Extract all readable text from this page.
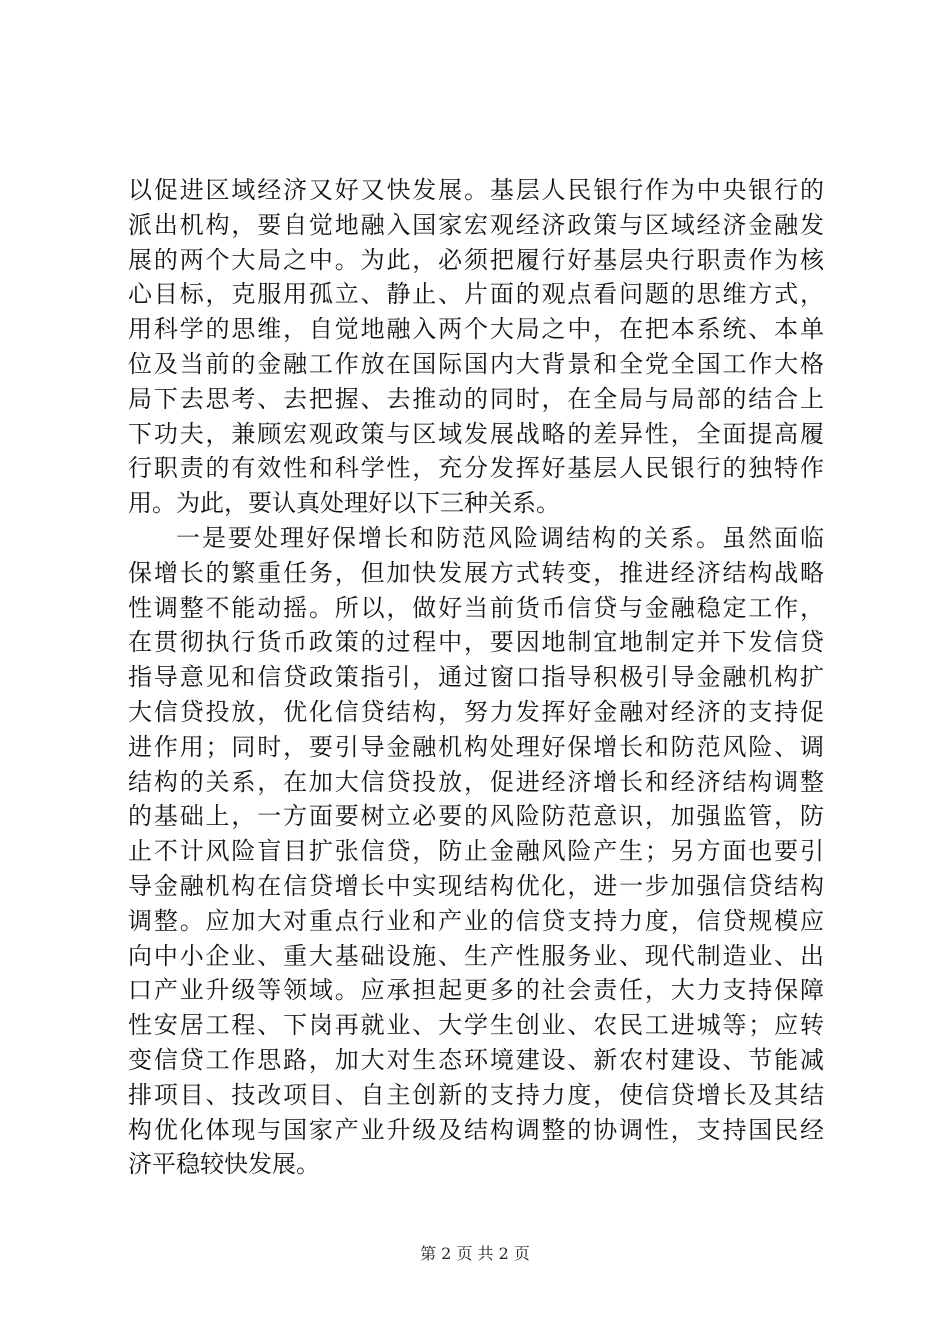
以促进区域经济又好又快发展。基层人民银行作为中央银行的
派出机构，要自觉地融入国家宏观经济政策与区域经济金融发
展的两个大局之中。为此，必须把履行好基层央行职责作为核
心目标，克服用孤立、静止、片面的观点看问题的思维方式，
用科学的思维，自觉地融入两个大局之中，在把本系统、本单
位及当前的金融工作放在国际国内大背景和全党全国工作大格
局下去思考、去把握、去推动的同时，在全局与局部的结合上
下功夫，兼顾宏观政策与区域发展战略的差异性，全面提高履
行职责的有效性和科学性，充分发挥好基层人民银行的独特作
用。为此，要认真处理好以下三种关系。
一是要处理好保增长和防范风险调结构的关系。虽然面临
保增长的繁重任务，但加快发展方式转变，推进经济结构战略
性调整不能动摇。所以，做好当前货币信贷与金融稳定工作，
在贯彻执行货币政策的过程中，要因地制宜地制定并下发信贷
指导意见和信贷政策指引，通过窗口指导积极引导金融机构扩
大信贷投放，优化信贷结构，努力发挥好金融对经济的支持促
进作用；同时，要引导金融机构处理好保增长和防范风险、调
结构的关系，在加大信贷投放，促进经济增长和经济结构调整
的基础上，一方面要树立必要的风险防范意识，加强监管，防
止不计风险盲目扩张信贷，防止金融风险产生；另方面也要引
导金融机构在信贷增长中实现结构优化，进一步加强信贷结构
调整。应加大对重点行业和产业的信贷支持力度，信贷规模应
向中小企业、重大基础设施、生产性服务业、现代制造业、出
口产业升级等领域。应承担起更多的社会责任，大力支持保障
性安居工程、下岗再就业、大学生创业、农民工进城等；应转
变信贷工作思路，加大对生态环境建设、新农村建设、节能减
排项目、技改项目、自主创新的支持力度，使信贷增长及其结
构优化体现与国家产业升级及结构调整的协调性，支持国民经
济平稳较快发展。
第 2 页 共 2 页
